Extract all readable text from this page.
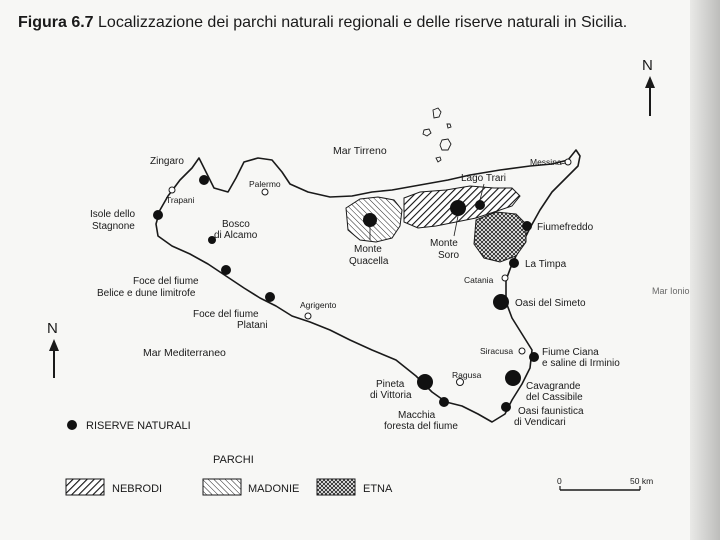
Figura 6.7 Localizzazione dei parchi naturali regionali e delle riserve naturali in Sicilia.
Mar Tirreno
Mar Mediterraneo
Mar Ionio
N
N
Trapani
Palermo
Messina
Catania
Agrigento
Siracusa
Ragusa
Zingaro
Isole dello
Stagnone	Bosco
di Alcamo
Foce del fiume
Belice e dune limitrofe
Foce del fiume
Platani
Monte
Quacella
Monte
Soro
Lago Trari
Fiumefreddo
La Timpa
Oasi del Simeto
Fiume Ciana
e saline di Irminio
Cavagrande
del Cassibile
Oasi faunistica
di Vendicari
Pineta
di Vittoria
Macchia
foresta del fiume
RISERVE NATURALI
PARCHI
NEBRODI	MADONIE	ETNA
0	50 km
